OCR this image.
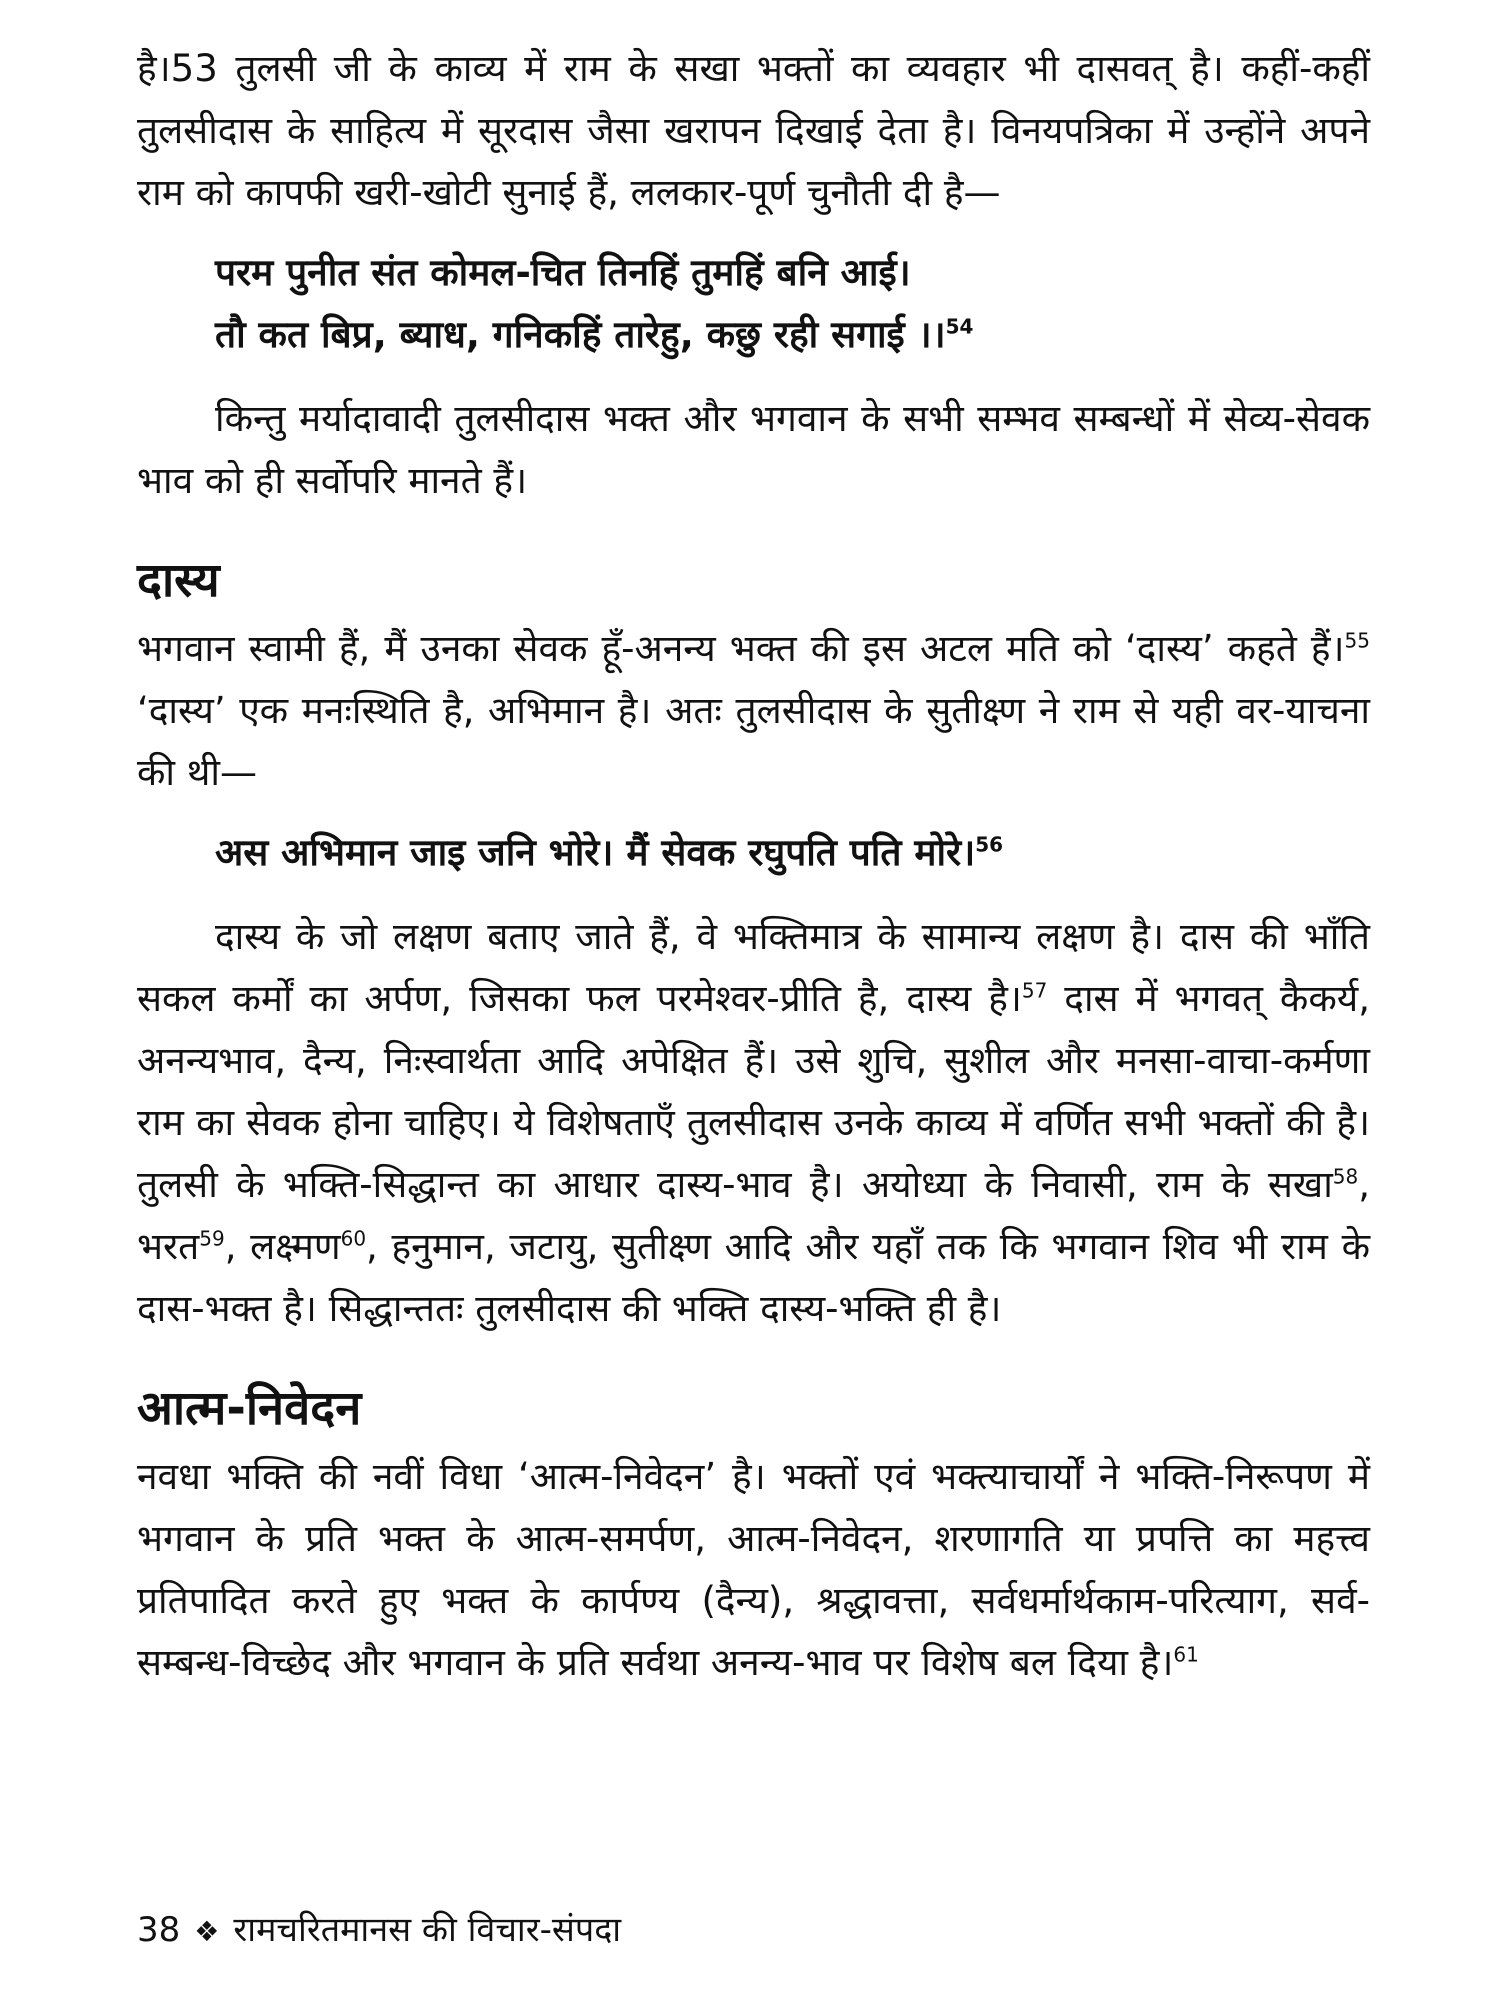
है।53 तुलसी जी के काव्य में राम के सखा भक्तों का व्यवहार भी दासवत् है। कहीं-कहीं तुलसीदास के साहित्य में सूरदास जैसा खरापन दिखाई देता है। विनयपत्रिका में उन्होंने अपने राम को कापफी खरी-खोटी सुनाई हैं, ललकार-पूर्ण चुनौती दी है—

परम पुनीत संत कोमल-चित तिनहिं तुमहिं बनि आई।
तौ कत बिप्र, ब्याध, गनिकहिं तारेहु, कछु रही सगाई ।।$^{54}$

किन्तु मर्यादावादी तुलसीदास भक्त और भगवान के सभी सम्भव सम्बन्धों में सेव्य-सेवक भाव को ही सर्वोपरि मानते हैं।

दास्य

भगवान स्वामी हैं, मैं उनका सेवक हूँ-अनन्य भक्त की इस अटल मति को ‘दास्य’ कहते हैं।$^{55}$ ‘दास्य’ एक मनःस्थिति है, अभिमान है। अतः तुलसीदास के सुतीक्ष्ण ने राम से यही वर-याचना की थी—

अस अभिमान जाइ जनि भोरे। मैं सेवक रघुपति पति मोरे।$^{56}$

दास्य के जो लक्षण बताए जाते हैं, वे भक्तिमात्र के सामान्य लक्षण है। दास की भाँति सकल कर्मों का अर्पण, जिसका फल परमेश्वर-प्रीति है, दास्य है।$^{57}$ दास में भगवत् कैकर्य, अनन्यभाव, दैन्य, निःस्वार्थता आदि अपेक्षित हैं। उसे शुचि, सुशील और मनसा-वाचा-कर्मणा राम का सेवक होना चाहिए। ये विशेषताएँ तुलसीदास उनके काव्य में वर्णित सभी भक्तों की है। तुलसी के भक्ति-सिद्धान्त का आधार दास्य-भाव है। अयोध्या के निवासी, राम के सखा$^{58}$, भरत$^{59}$, लक्ष्मण$^{60}$, हनुमान, जटायु, सुतीक्ष्ण आदि और यहाँ तक कि भगवान शिव भी राम के दास-भक्त है। सिद्धान्ततः तुलसीदास की भक्ति दास्य-भक्ति ही है।

आत्म-निवेदन

नवधा भक्ति की नवीं विधा ‘आत्म-निवेदन’ है। भक्तों एवं भक्त्याचार्यों ने भक्ति-निरूपण में भगवान के प्रति भक्त के आत्म-समर्पण, आत्म-निवेदन, शरणागति या प्रपत्ति का महत्त्व प्रतिपादित करते हुए भक्त के कार्पण्य (दैन्य), श्रद्धावत्ता, सर्वधर्मार्थकाम-परित्याग, सर्व-सम्बन्ध-विच्छेद और भगवान के प्रति सर्वथा अनन्य-भाव पर विशेष बल दिया है।$^{61}$

38 ❖ रामचरितमानस की विचार-संपदा
